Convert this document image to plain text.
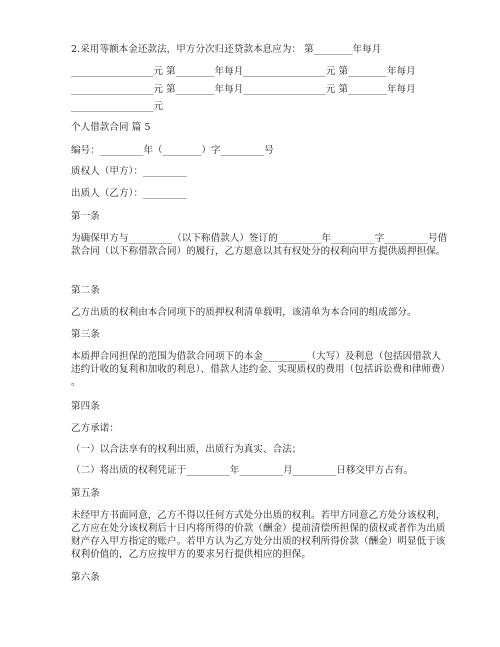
2.采用等额本金还款法，甲方分次归还贷款本息应为： 第________年每月
_________________元 第________年每月_________________元 第________年每月
_________________元 第________年每月_________________元 第________年每月
_________________元
个人借款合同 篇 5
编号：_________年（________）字_________号
质权人（甲方）：_________
出质人（乙方）：_________
第一条
为确保甲方与_________（以下称借款人）签订的_________年_________字_________号借
款合同（以下称借款合同）的履行，乙方愿意以其有权处分的权利向甲方提供质押担保。
第二条
乙方出质的权利由本合同项下的质押权利清单载明，该清单为本合同的组成部分。
第三条
本质押合同担保的范围为借款合同项下的本金_________（大写）及利息（包括因借款人
违约计收的复利和加收的利息）、借款人违约金、实现质权的费用（包括诉讼费和律师费）
。
第四条
乙方承诺：
（一）以合法享有的权利出质，出质行为真实、合法；
（二）将出质的权利凭证于_________年_________月_________日移交甲方占有。
第五条
未经甲方书面同意，乙方不得以任何方式处分出质的权利。若甲方同意乙方处分该权利，
乙方应在处分该权利后十日内将所得的价款（酬金）提前清偿所担保的债权或者作为出质
财产存入甲方指定的账户。若甲方认为乙方处分出质的权利所得价款（酬金）明显低于该
权利价值的，乙方应按甲方的要求另行提供相应的担保。
第六条
